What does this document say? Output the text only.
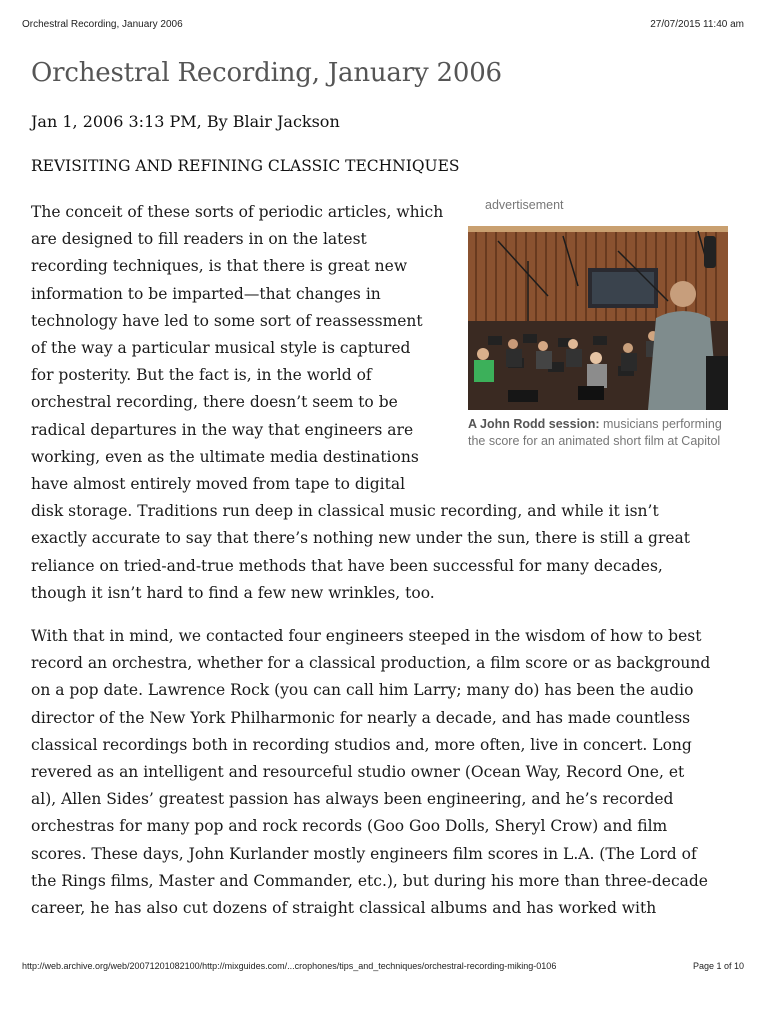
Orchestral Recording, January 2006	27/07/2015 11:40 am
Orchestral Recording, January 2006
Jan 1, 2006 3:13 PM, By Blair Jackson
REVISITING AND REFINING CLASSIC TECHNIQUES
advertisement
A John Rodd session: musicians performing the score for an animated short film at Capitol

The conceit of these sorts of periodic articles, which
are designed to fill readers in on the latest
recording techniques, is that there is great new
information to be imparted—that changes in
technology have led to some sort of reassessment
of the way a particular musical style is captured
for posterity. But the fact is, in the world of
orchestral recording, there doesn’t seem to be
radical departures in the way that engineers are
working, even as the ultimate media destinations
have almost entirely moved from tape to digital
disk storage. Traditions run deep in classical music recording, and while it isn’t
exactly accurate to say that there’s nothing new under the sun, there is still a great
reliance on tried-and-true methods that have been successful for many decades,
though it isn’t hard to find a few new wrinkles, too.

With that in mind, we contacted four engineers steeped in the wisdom of how to best
record an orchestra, whether for a classical production, a film score or as background
on a pop date. Lawrence Rock (you can call him Larry; many do) has been the audio
director of the New York Philharmonic for nearly a decade, and has made countless
classical recordings both in recording studios and, more often, live in concert. Long
revered as an intelligent and resourceful studio owner (Ocean Way, Record One, et
al), Allen Sides’ greatest passion has always been engineering, and he’s recorded
orchestras for many pop and rock records (Goo Goo Dolls, Sheryl Crow) and film
scores. These days, John Kurlander mostly engineers film scores in L.A. (The Lord of
the Rings films, Master and Commander, etc.), but during his more than three-decade
career, he has also cut dozens of straight classical albums and has worked with

http://web.archive.org/web/20071201082100/http://mixguides.com/...crophones/tips_and_techniques/orchestral-recording-miking-0106	Page 1 of 10
